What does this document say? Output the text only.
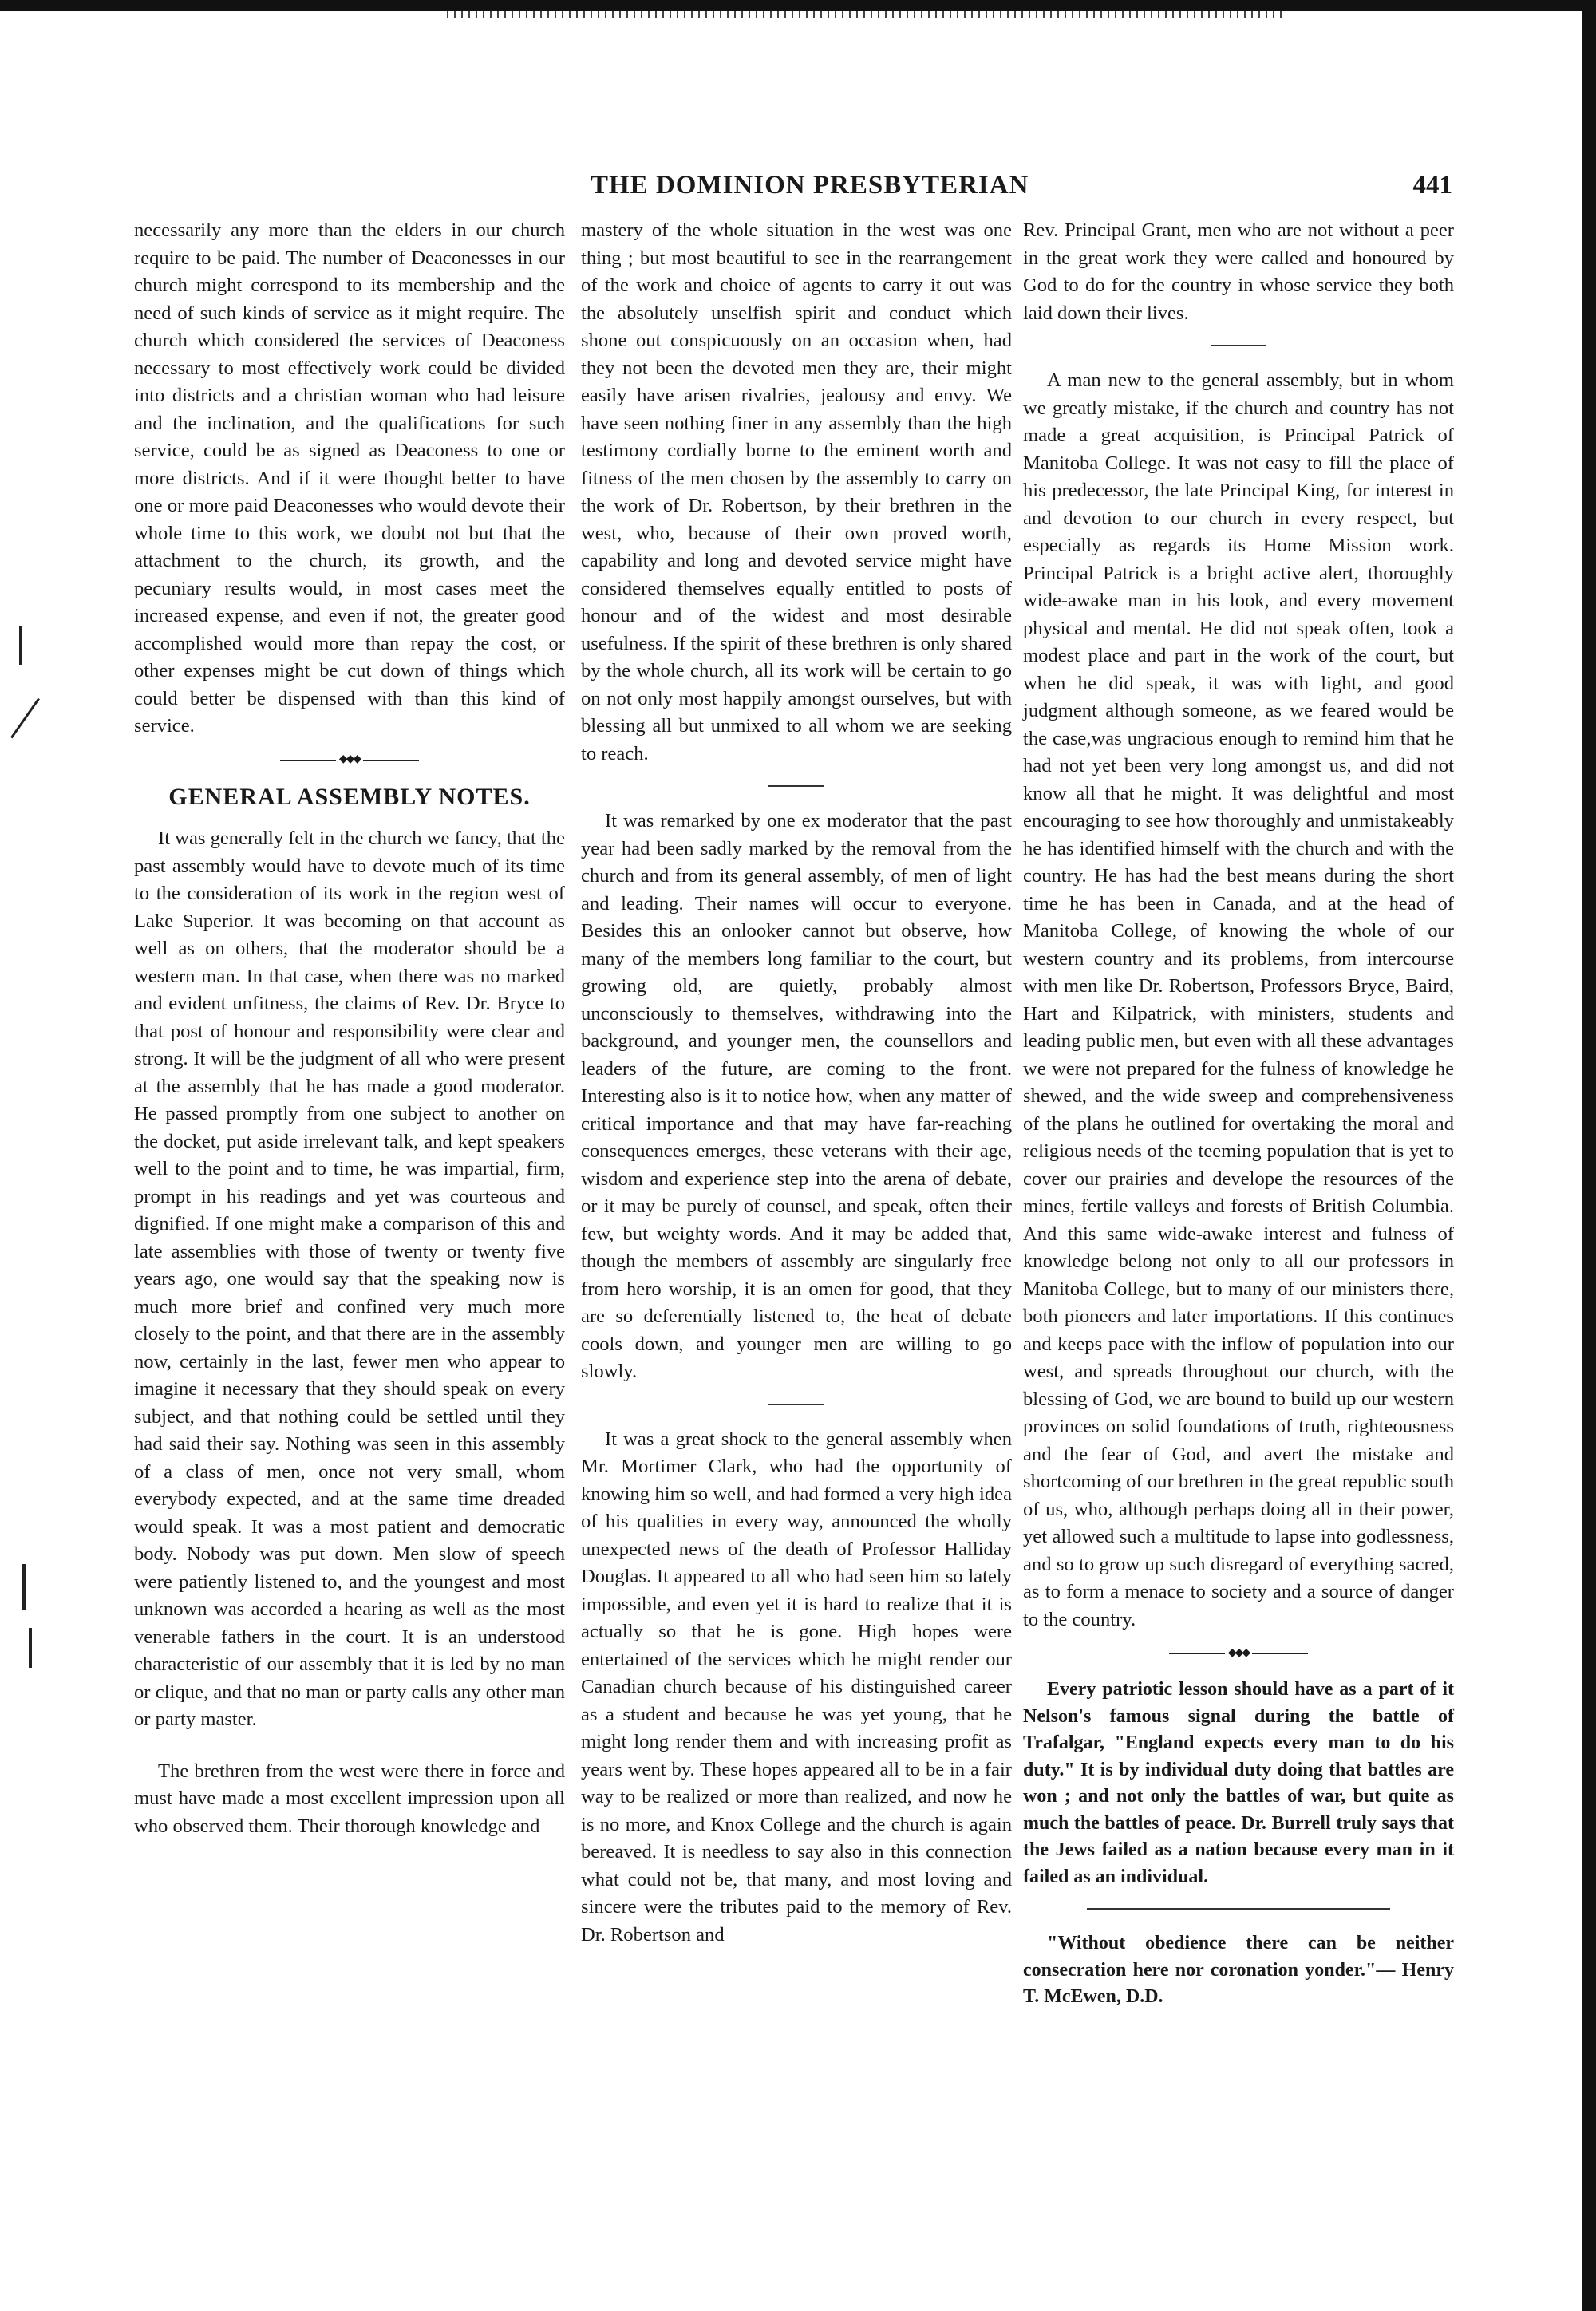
THE DOMINION PRESBYTERIAN	441

necessarily any more than the elders in our church require to be paid. The number of Deaconesses in our church might correspond to its membership and the need of such kinds of service as it might require. The church which considered the services of Deaconess necessary to most effectively work could be divided into districts and a christian woman who had leisure and the inclination, and the qualifications for such service, could be as signed as Deaconess to one or more districts. And if it were thought better to have one or more paid Deaconesses who would devote their whole time to this work, we doubt not but that the attachment to the church, its growth, and the pecuniary results would, in most cases meet the increased expense, and even if not, the greater good accomplished would more than repay the cost, or other expenses might be cut down of things which could better be dispensed with than this kind of service.

◆◆◆
GENERAL ASSEMBLY NOTES.

It was generally felt in the church we fancy, that the past assembly would have to devote much of its time to the consideration of its work in the region west of Lake Superior. It was becoming on that account as well as on others, that the moderator should be a western man. In that case, when there was no marked and evident unfitness, the claims of Rev. Dr. Bryce to that post of honour and responsibility were clear and strong. It will be the judgment of all who were present at the assembly that he has made a good moderator. He passed promptly from one subject to another on the docket, put aside irrelevant talk, and kept speakers well to the point and to time, he was impartial, firm, prompt in his readings and yet was courteous and dignified. If one might make a comparison of this and late assemblies with those of twenty or twenty five years ago, one would say that the speaking now is much more brief and confined very much more closely to the point, and that there are in the assembly now, certainly in the last, fewer men who appear to imagine it necessary that they should speak on every subject, and that nothing could be settled until they had said their say. Nothing was seen in this assembly of a class of men, once not very small, whom everybody expected, and at the same time dreaded would speak. It was a most patient and democratic body. Nobody was put down. Men slow of speech were patiently listened to, and the youngest and most unknown was accorded a hearing as well as the most venerable fathers in the court. It is an understood characteristic of our assembly that it is led by no man or clique, and that no man or party calls any other man or party master.

The brethren from the west were there in force and must have made a most excellent impression upon all who observed them. Their thorough knowledge and

mastery of the whole situation in the west was one thing ; but most beautiful to see in the rearrangement of the work and choice of agents to carry it out was the absolutely unselfish spirit and conduct which shone out conspicuously on an occasion when, had they not been the devoted men they are, their might easily have arisen rivalries, jealousy and envy. We have seen nothing finer in any assembly than the high testimony cordially borne to the eminent worth and fitness of the men chosen by the assembly to carry on the work of Dr. Robertson, by their brethren in the west, who, because of their own proved worth, capability and long and devoted service might have considered themselves equally entitled to posts of honour and of the widest and most desirable usefulness. If the spirit of these brethren is only shared by the whole church, all its work will be certain to go on not only most happily amongst ourselves, but with blessing all but unmixed to all whom we are seeking to reach.

It was remarked by one ex moderator that the past year had been sadly marked by the removal from the church and from its general assembly, of men of light and leading. Their names will occur to everyone. Besides this an onlooker cannot but observe, how many of the members long familiar to the court, but growing old, are quietly, probably almost unconsciously to themselves, withdrawing into the background, and younger men, the counsellors and leaders of the future, are coming to the front. Interesting also is it to notice how, when any matter of critical importance and that may have far-reaching consequences emerges, these veterans with their age, wisdom and experience step into the arena of debate, or it may be purely of counsel, and speak, often their few, but weighty words. And it may be added that, though the members of assembly are singularly free from hero worship, it is an omen for good, that they are so deferentially listened to, the heat of debate cools down, and younger men are willing to go slowly.

It was a great shock to the general assembly when Mr. Mortimer Clark, who had the opportunity of knowing him so well, and had formed a very high idea of his qualities in every way, announced the wholly unexpected news of the death of Professor Halliday Douglas. It appeared to all who had seen him so lately impossible, and even yet it is hard to realize that it is actually so that he is gone. High hopes were entertained of the services which he might render our Canadian church because of his distinguished career as a student and because he was yet young, that he might long render them and with increasing profit as years went by. These hopes appeared all to be in a fair way to be realized or more than realized, and now he is no more, and Knox College and the church is again bereaved. It is needless to say also in this connection what could not be, that many, and most loving and sincere were the tributes paid to the memory of Rev. Dr. Robertson and

Rev. Principal Grant, men who are not without a peer in the great work they were called and honoured by God to do for the country in whose service they both laid down their lives.

A man new to the general assembly, but in whom we greatly mistake, if the church and country has not made a great acquisition, is Principal Patrick of Manitoba College. It was not easy to fill the place of his predecessor, the late Principal King, for interest in and devotion to our church in every respect, but especially as regards its Home Mission work. Principal Patrick is a bright active alert, thoroughly wide-awake man in his look, and every movement physical and mental. He did not speak often, took a modest place and part in the work of the court, but when he did speak, it was with light, and good judgment although someone, as we feared would be the case,was ungracious enough to remind him that he had not yet been very long amongst us, and did not know all that he might. It was delightful and most encouraging to see how thoroughly and unmistakeably he has identified himself with the church and with the country. He has had the best means during the short time he has been in Canada, and at the head of Manitoba College, of knowing the whole of our western country and its problems, from intercourse with men like Dr. Robertson, Professors Bryce, Baird, Hart and Kilpatrick, with ministers, students and leading public men, but even with all these advantages we were not prepared for the fulness of knowledge he shewed, and the wide sweep and comprehensiveness of the plans he outlined for overtaking the moral and religious needs of the teeming population that is yet to cover our prairies and develope the resources of the mines, fertile valleys and forests of British Columbia. And this same wide-awake interest and fulness of knowledge belong not only to all our professors in Manitoba College, but to many of our ministers there, both pioneers and later importations. If this continues and keeps pace with the inflow of population into our west, and spreads throughout our church, with the blessing of God, we are bound to build up our western provinces on solid foundations of truth, righteousness and the fear of God, and avert the mistake and shortcoming of our brethren in the great republic south of us, who, although perhaps doing all in their power, yet allowed such a multitude to lapse into godlessness, and so to grow up such disregard of everything sacred, as to form a menace to society and a source of danger to the country.

◆◆◆

Every patriotic lesson should have as a part of it Nelson's famous signal during the battle of Trafalgar, "England expects every man to do his duty." It is by individual duty doing that battles are won ; and not only the battles of war, but quite as much the battles of peace. Dr. Burrell truly says that the Jews failed as a nation because every man in it failed as an individual.

"Without obedience there can be neither consecration here nor coronation yonder."— Henry T. McEwen, D.D.
